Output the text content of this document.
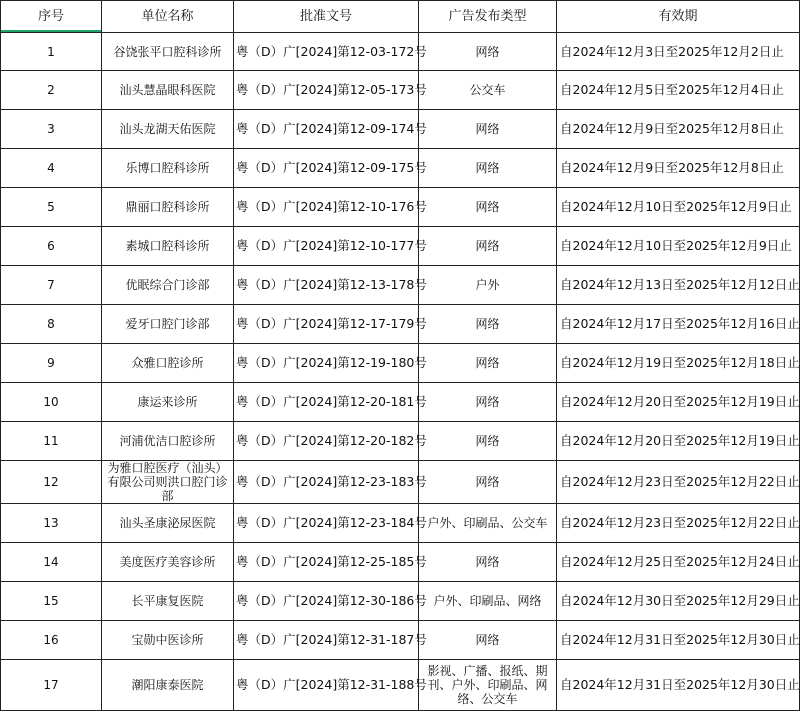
序号	单位名称	批准文号	广告发布类型	有效期
1	谷饶张平口腔科诊所	粤（D）广[2024]第12-03-172号	网络	自2024年12月3日至2025年12月2日止
2	汕头慧晶眼科医院	粤（D）广[2024]第12-05-173号	公交车	自2024年12月5日至2025年12月4日止
3	汕头龙湖天佑医院	粤（D）广[2024]第12-09-174号	网络	自2024年12月9日至2025年12月8日止
4	乐博口腔科诊所	粤（D）广[2024]第12-09-175号	网络	自2024年12月9日至2025年12月8日止
5	鼎丽口腔科诊所	粤（D）广[2024]第12-10-176号	网络	自2024年12月10日至2025年12月9日止
6	素城口腔科诊所	粤（D）广[2024]第12-10-177号	网络	自2024年12月10日至2025年12月9日止
7	优眠综合门诊部	粤（D）广[2024]第12-13-178号	户外	自2024年12月13日至2025年12月12日止
8	爱牙口腔门诊部	粤（D）广[2024]第12-17-179号	网络	自2024年12月17日至2025年12月16日止
9	众雅口腔诊所	粤（D）广[2024]第12-19-180号	网络	自2024年12月19日至2025年12月18日止
10	康运来诊所	粤（D）广[2024]第12-20-181号	网络	自2024年12月20日至2025年12月19日止
11	河浦优洁口腔诊所	粤（D）广[2024]第12-20-182号	网络	自2024年12月20日至2025年12月19日止
12	为雅口腔医疗（汕头）有限公司则洪口腔门诊部	粤（D）广[2024]第12-23-183号	网络	自2024年12月23日至2025年12月22日止
13	汕头圣康泌尿医院	粤（D）广[2024]第12-23-184号	户外、印刷品、公交车	自2024年12月23日至2025年12月22日止
14	美度医疗美容诊所	粤（D）广[2024]第12-25-185号	网络	自2024年12月25日至2025年12月24日止
15	长平康复医院	粤（D）广[2024]第12-30-186号	户外、印刷品、网络	自2024年12月30日至2025年12月29日止
16	宝勋中医诊所	粤（D）广[2024]第12-31-187号	网络	自2024年12月31日至2025年12月30日止
17	潮阳康泰医院	粤（D）广[2024]第12-31-188号	影视、广播、报纸、期刊、户外、印刷品、网络、公交车	自2024年12月31日至2025年12月30日止
